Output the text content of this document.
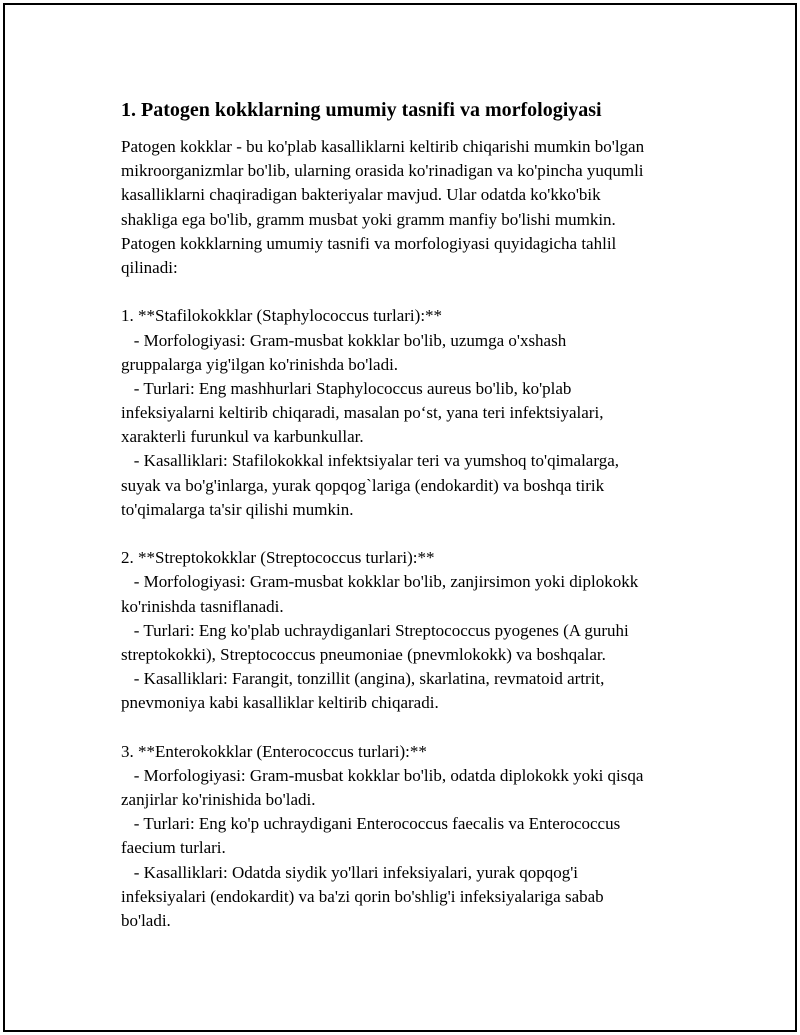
1. Patogen kokklarning umumiy tasnifi va morfologiyasi
Patogen kokklar - bu ko'plab kasalliklarni keltirib chiqarishi mumkin bo'lgan
mikroorganizmlar bo'lib, ularning orasida ko'rinadigan va ko'pincha yuqumli
kasalliklarni chaqiradigan bakteriyalar mavjud. Ular odatda ko'kko'bik
shakliga ega bo'lib, gramm musbat yoki gramm manfiy bo'lishi mumkin.
Patogen kokklarning umumiy tasnifi va morfologiyasi quyidagicha tahlil
qilinadi:
1. **Stafilokokklar (Staphylococcus turlari):**
- Morfologiyasi: Gram-musbat kokklar bo'lib, uzumga o'xshash
gruppalarga yig'ilgan ko'rinishda bo'ladi.
- Turlari: Eng mashhurlari Staphylococcus aureus bo'lib, ko'plab
infeksiyalarni keltirib chiqaradi, masalan po‘st, yana teri infektsiyalari,
xarakterli furunkul va karbunkullar.
- Kasalliklari: Stafilokokkal infektsiyalar teri va yumshoq to'qimalarga,
suyak va bo'g'inlarga, yurak qopqog`lariga (endokardit) va boshqa tirik
to'qimalarga ta'sir qilishi mumkin.
2. **Streptokokklar (Streptococcus turlari):**
- Morfologiyasi: Gram-musbat kokklar bo'lib, zanjirsimon yoki diplokokk
ko'rinishda tasniflanadi.
- Turlari: Eng ko'plab uchraydiganlari Streptococcus pyogenes (A guruhi
streptokokki), Streptococcus pneumoniae (pnevmlokokk) va boshqalar.
- Kasalliklari: Farangit, tonzillit (angina), skarlatina, revmatoid artrit,
pnevmoniya kabi kasalliklar keltirib chiqaradi.
3. **Enterokokklar (Enterococcus turlari):**
- Morfologiyasi: Gram-musbat kokklar bo'lib, odatda diplokokk yoki qisqa
zanjirlar ko'rinishida bo'ladi.
- Turlari: Eng ko'p uchraydigani Enterococcus faecalis va Enterococcus
faecium turlari.
- Kasalliklari: Odatda siydik yo'llari infeksiyalari, yurak qopqog'i
infeksiyalari (endokardit) va ba'zi qorin bo'shlig'i infeksiyalariga sabab
bo'ladi.
